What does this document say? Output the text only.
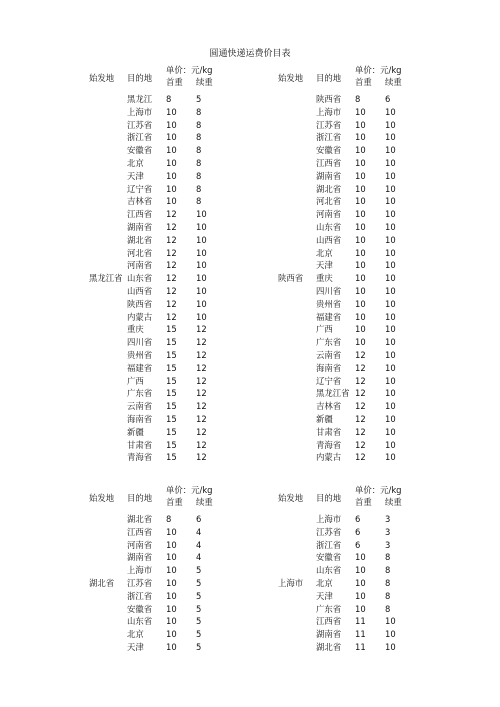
圆通快递运费价目表
始发地 目的地
单价：元/kg
首重 续重
黑龙江 8	5
上海市 10 8
江苏省 10 8
浙江省 10 8
安徽省 10 8
北京	10 8
天津	10 8
辽宁省 10 8
吉林省 10 8
江西省 12 10
湖南省 12 10
湖北省 12 10
河北省 12 10
河南省 12 10
黑龙江省 山东省 12 10
山西省 12 10
陕西省 12 10
内蒙古 12 10
重庆	15 12
四川省 15 12
贵州省 15 12
福建省 15 12
广西	15 12
广东省 15 12
云南省 15 12
海南省 15 12
新疆	15 12
甘肃省 15 12
青海省 15 12
始发地 目的地
单价：元/kg
首重 续重
陕西省 8	6
上海市 10 10
江苏省 10 10
浙江省 10 10
安徽省 10 10
江西省 10 10
湖南省 10 10
湖北省 10 10
河北省 10 10
河南省 10 10
山东省 10 10
山西省 10 10
北京	10 10
天津	10 10
陕西省 重庆	10 10
四川省 10 10
贵州省 10 10
福建省 10 10
广西	10 10
广东省 10 10
云南省 12 10
海南省 12 10
辽宁省 12 10
黑龙江省 12 10
吉林省 12 10
新疆	12 10
甘肃省 12 10
青海省 12 10
内蒙古 12 10
始发地 目的地
单价：元/kg
首重 续重
湖北省 8	6
江西省 10 4
河南省 10 4
湖南省 10 4
上海市 10 5
湖北省 江苏省 10 5
浙江省 10 5
安徽省 10 5
山东省 10 5
北京	10 5
天津	10 5
始发地 目的地
单价：元/kg
首重 续重
上海市 6	3
江苏省 6	3
浙江省 6	3
安徽省 10 8
山东省 10 8
上海市 北京	10 8
天津	10 8
广东省 10 8
江西省 11 10
湖南省 11 10
湖北省 11 10
